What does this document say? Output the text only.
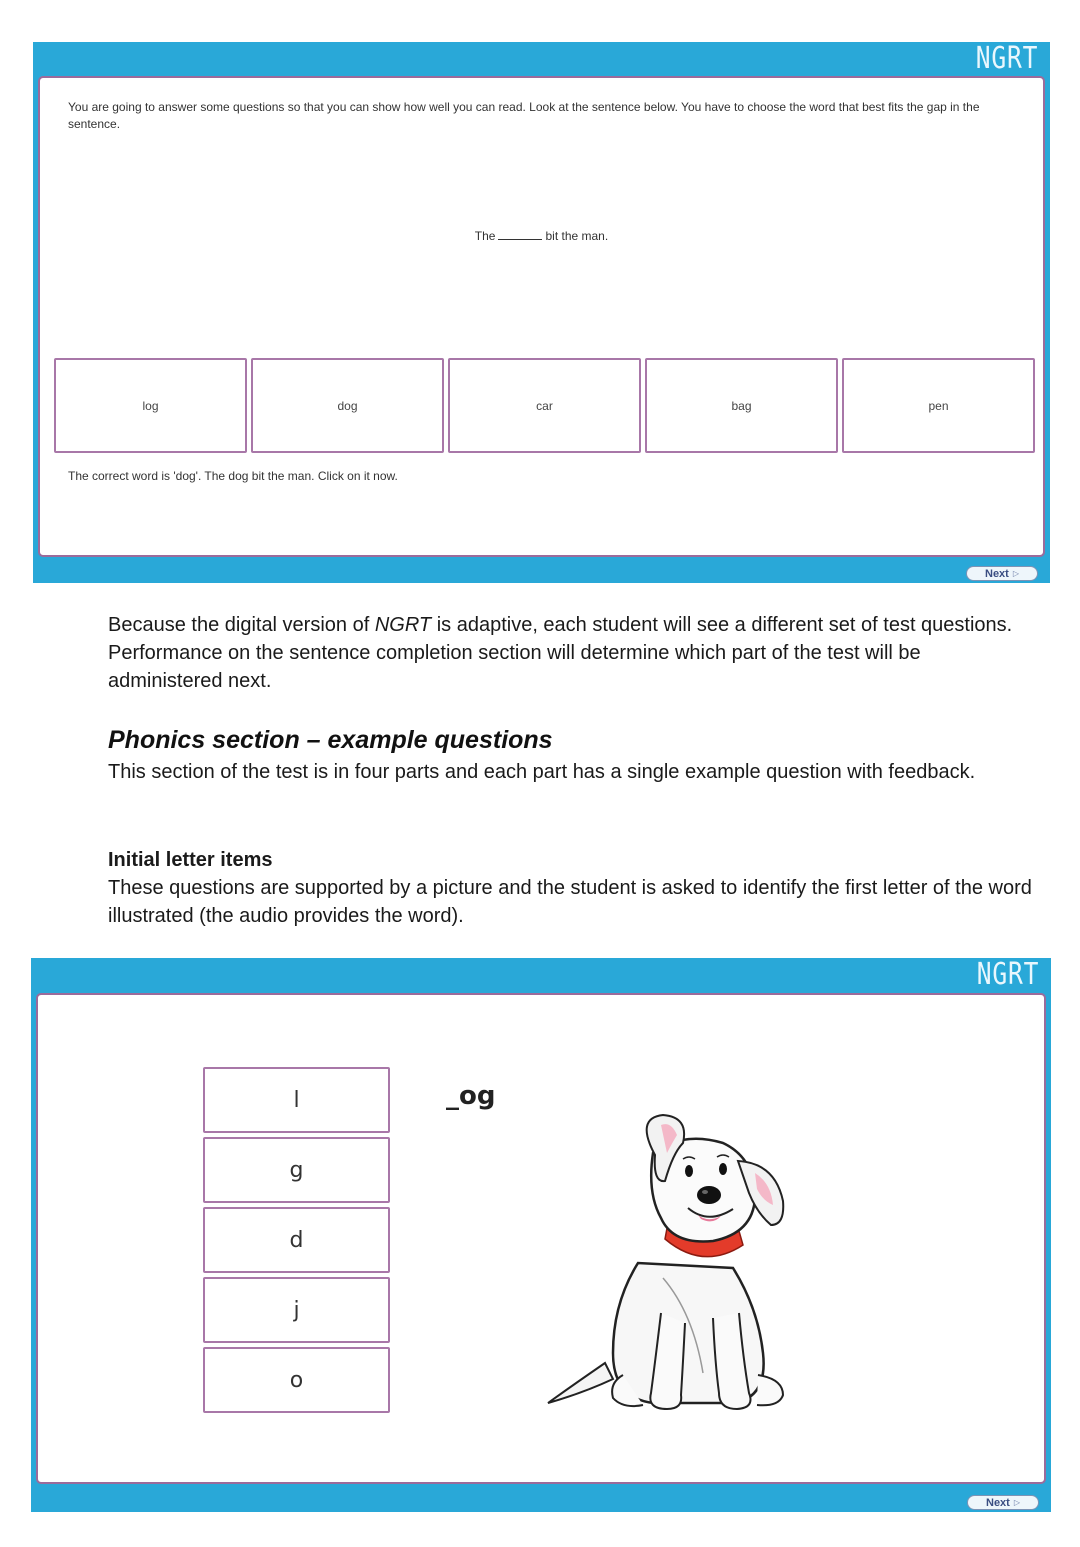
NGRT
You are going to answer some questions so that you can show how well you can read. Look at the sentence below. You have to choose the word that best fits the gap in the sentence.
The	bit the man.
log	dog	car	bag	pen
The correct word is 'dog'. The dog bit the man. Click on it now.
Next ▷
Because the digital version of NGRT is adaptive, each student will see a different set of test questions. Performance on the sentence completion section will determine which part of the test will be administered next.
Phonics section – example questions

This section of the test is in four parts and each part has a single example question with feedback.

Initial letter items

These questions are supported by a picture and the student is asked to identify the first letter of the word illustrated (the audio provides the word).

NGRT
l
g
d
j
o
_og
Next ▷
